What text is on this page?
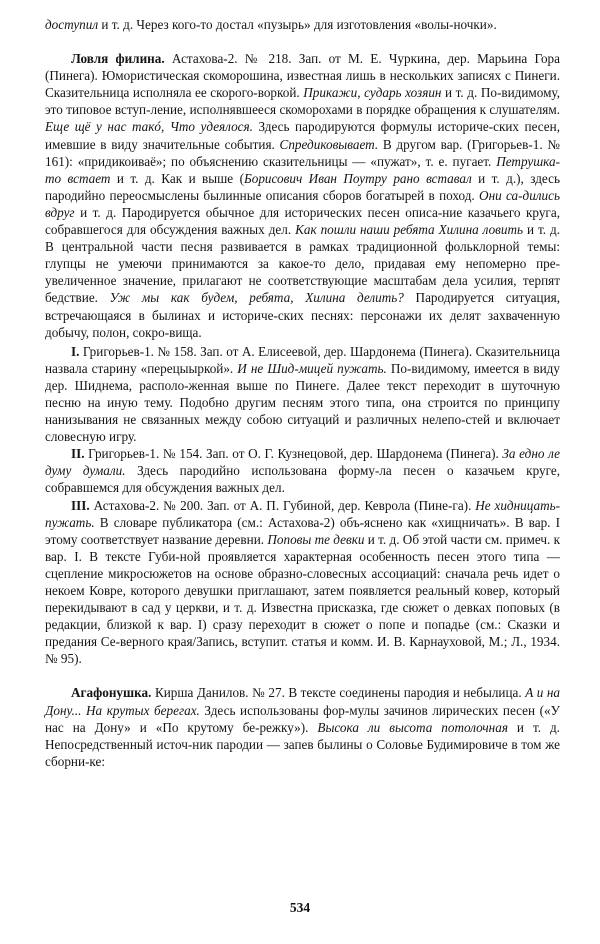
доступил и т. д. Через кого-то достал «пузырь» для изготовления «волы-ночки».

Ловля филина. Астахова-2. № 218. Зап. от М. Е. Чуркина, дер. Марьина Гора (Пинега). Юмористическая скоморошина, известная лишь в нескольких записях с Пинеги. Сказительница исполняла ее скорого-воркой. Прикажи, сударь хозяин и т. д. По-видимому, это типовое вступ-ление, исполнявшееся скоморохами в порядке обращения к слушателям. Еще щё у нас такó, Что удеялося. Здесь пародируются формулы историче-ских песен, имевшие в виду значительные события. Спредиковывает. В другом вар. (Григорьев-1. № 161): «придикоиваё»; по объяснению сказительницы — «пужат», т. е. пугает. Петрушка-то встает и т. д. Как и выше (Борисович Иван Поутру рано вставал и т. д.), здесь пародийно переосмыслены былинные описания сборов богатырей в поход. Они са-дились вдруг и т. д. Пародируется обычное для исторических песен описа-ние казачьего круга, собравшегося для обсуждения важных дел. Как пошли наши ребята Хилина ловить и т. д. В центральной части песня развивается в рамках традиционной фольклорной темы: глупцы не умеючи принимаются за какое-то дело, придавая ему непомерно пре-увеличенное значение, прилагают не соответствующие масштабам дела усилия, терпят бедствие. Уж мы как будем, ребята, Хилина делить? Пародируется ситуация, встречающаяся в былинах и историче-ских песнях: персонажи их делят захваченную добычу, полон, сокро-вища.

I. Григорьев-1. № 158. Зап. от А. Елисеевой, дер. Шардонема (Пинега). Сказительница назвала старину «перецыыркой». И не Шид-мицей пужать. По-видимому, имеется в виду дер. Шиднема, располо-женная выше по Пинеге. Далее текст переходит в шуточную песню на иную тему. Подобно другим песням этого типа, она строится по принципу нанизывания не связанных между собою ситуаций и различных нелепо-стей и включает словесную игру.

II. Григорьев-1. № 154. Зап. от О. Г. Кузнецовой, дер. Шардонема (Пинега). За едно ле думу думали. Здесь пародийно использована форму-ла песен о казачьем круге, собравшемся для обсуждения важных дел.

III. Астахова-2. № 200. Зап. от А. П. Губиной, дер. Кеврола (Пине-га). Не хидницать-пужать. В словаре публикатора (см.: Астахова-2) объ-яснено как «хищничать». В вар. I этому соответствует название деревни. Поповы те девки и т. д. Об этой части см. примеч. к вар. I. В тексте Губи-ной проявляется характерная особенность песен этого типа — сцепление микросюжетов на основе образно-словесных ассоциаций: сначала речь идет о некоем Ковре, которого девушки приглашают, затем появляется реальный ковер, который перекидывают в сад у церкви, и т. д. Известна присказка, где сюжет о девках поповых (в редакции, близкой к вар. I) сразу переходит в сюжет о попе и попадье (см.: Сказки и предания Се-верного края/Запись, вступит. статья и комм. И. В. Карнауховой, М.; Л., 1934. № 95).

Агафонушка. Кирша Данилов. № 27. В тексте соединены пародия и небылица. А и на Дону... На крутых берегах. Здесь использованы фор-мулы зачинов лирических песен («У нас на Дону» и «По крутому бе-режку»). Высока ли высота потолочная и т. д. Непосредственный источ-ник пародии — запев былины о Соловье Будимировиче в том же сборни-ке:

534
